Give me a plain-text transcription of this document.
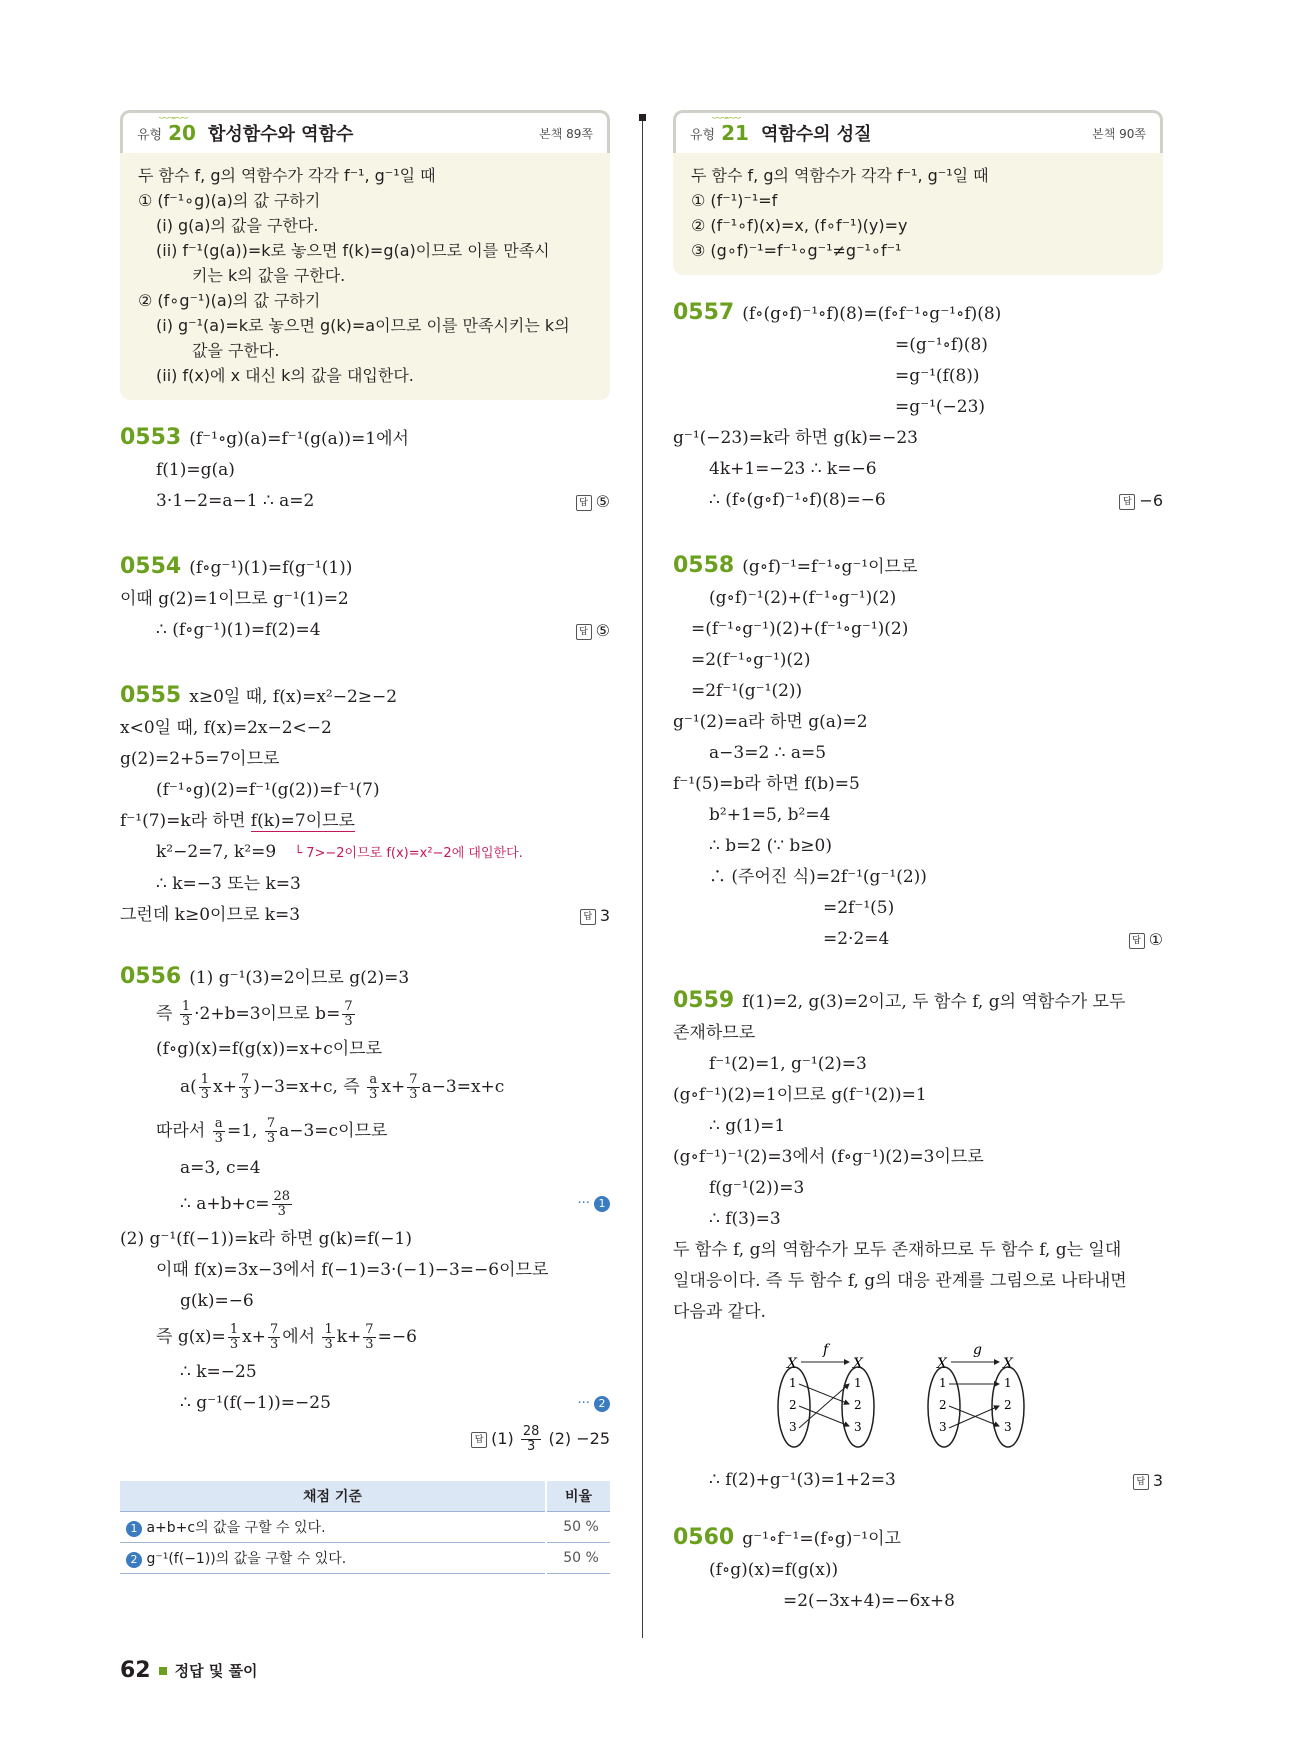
﹏﹏
유형 20 합성함수와 역함수	본책 89쪽
두 함수 f, g의 역함수가 각각 f⁻¹, g⁻¹일 때
① (f⁻¹∘g)(a)의 값 구하기
(i) g(a)의 값을 구한다.
(ii) f⁻¹(g(a))=k로 놓으면 f(k)=g(a)이므로 이를 만족시
키는 k의 값을 구한다.
② (f∘g⁻¹)(a)의 값 구하기
(i) g⁻¹(a)=k로 놓으면 g(k)=a이므로 이를 만족시키는 k의
값을 구한다.
(ii) f(x)에 x 대신 k의 값을 대입한다.
0553 (f⁻¹∘g)(a)=f⁻¹(g(a))=1에서
f(1)=g(a)
3·1−2=a−1 ∴ a=2	답 ⑤
0554 (f∘g⁻¹)(1)=f(g⁻¹(1))
이때 g(2)=1이므로 g⁻¹(1)=2
∴ (f∘g⁻¹)(1)=f(2)=4	답 ⑤
0555 x≥0일 때, f(x)=x²−2≥−2
x<0일 때, f(x)=2x−2<−2
g(2)=2+5=7이므로
(f⁻¹∘g)(2)=f⁻¹(g(2))=f⁻¹(7)
f⁻¹(7)=k라 하면 f(k)=7이므로
k²−2=7, k²=9 └ 7>−2이므로 f(x)=x²−2에 대입한다.
∴ k=−3 또는 k=3
그런데 k≥0이므로 k=3	답 3
0556 (1) g⁻¹(3)=2이므로 g(2)=3
즉 $\frac{1}{3} \cdot 2+b=3$이므로 $b= \frac{7}{3}$
(f∘g)(x)=f(g(x))=x+c이므로
$a( \frac{1}{3} x+ \frac{7}{3} )-3=x+c$, 즉 $\frac{a}{3} x+ \frac{7}{3} a-3=x+c$
따라서 $\frac{a}{3} =1$, $\frac{7}{3} a-3=c$이므로
a=3, c=4
∴ $a+b+c= \frac{28}{3}$	··· 1
(2) g⁻¹(f(−1))=k라 하면 g(k)=f(−1)
이때 f(x)=3x−3에서 f(−1)=3·(−1)−3=−6이므로
g(k)=−6
즉 $g(x)= \frac{1}{3} x+ \frac{7}{3}$ 에서 $\frac{1}{3} k+ \frac{7}{3} =-6$
∴ k=−25
∴ g⁻¹(f(−1))=−25	··· 2
답 $(1) \frac{28}{3} (2) -25$
채점 기준	비율
1 a+b+c의 값을 구할 수 있다.	50 %
2 g⁻¹(f(−1))의 값을 구할 수 있다.	50 %
﹏﹏
유형 21 역함수의 성질	본책 90쪽
두 함수 f, g의 역함수가 각각 f⁻¹, g⁻¹일 때
① (f⁻¹)⁻¹=f
② (f⁻¹∘f)(x)=x, (f∘f⁻¹)(y)=y
③ (g∘f)⁻¹=f⁻¹∘g⁻¹≠g⁻¹∘f⁻¹
0557 (f∘(g∘f)⁻¹∘f)(8)=(f∘f⁻¹∘g⁻¹∘f)(8)
=(g⁻¹∘f)(8)
=g⁻¹(f(8))
=g⁻¹(−23)
g⁻¹(−23)=k라 하면 g(k)=−23
4k+1=−23 ∴ k=−6
∴ (f∘(g∘f)⁻¹∘f)(8)=−6	답 −6
0558 (g∘f)⁻¹=f⁻¹∘g⁻¹이므로
(g∘f)⁻¹(2)+(f⁻¹∘g⁻¹)(2)
=(f⁻¹∘g⁻¹)(2)+(f⁻¹∘g⁻¹)(2)
=2(f⁻¹∘g⁻¹)(2)
=2f⁻¹(g⁻¹(2))
g⁻¹(2)=a라 하면 g(a)=2
a−3=2 ∴ a=5
f⁻¹(5)=b라 하면 f(b)=5
b²+1=5, b²=4
∴ b=2 (∵ b≥0)
∴ (주어진 식)=2f⁻¹(g⁻¹(2))
=2f⁻¹(5)
=2·2=4	답 ①
0559 f(1)=2, g(3)=2이고, 두 함수 f, g의 역함수가 모두
존재하므로
f⁻¹(2)=1, g⁻¹(2)=3
(g∘f⁻¹)(2)=1이므로 g(f⁻¹(2))=1
∴ g(1)=1
(g∘f⁻¹)⁻¹(2)=3에서 (f∘g⁻¹)(2)=3이므로
f(g⁻¹(2))=3
∴ f(3)=3
두 함수 f, g의 역함수가 모두 존재하므로 두 함수 f, g는 일대
일대응이다. 즉 두 함수 f, g의 대응 관계를 그림으로 나타내면
다음과 같다.
f
X	X
1
2
3
1
2
3
g
X	X
1
2
3
1
2
3
∴ f(2)+g⁻¹(3)=1+2=3	답 3
0560 g⁻¹∘f⁻¹=(f∘g)⁻¹이고
(f∘g)(x)=f(g(x))
=2(−3x+4)=−6x+8
62 정답 및 풀이
